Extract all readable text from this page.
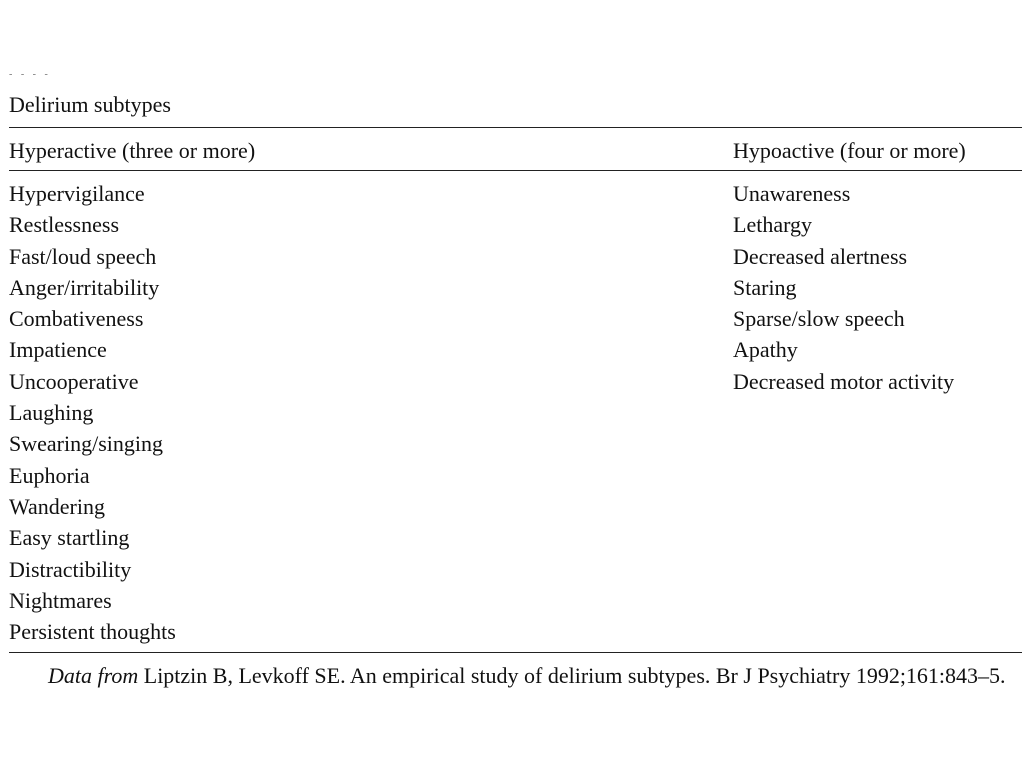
- - - -
Delirium subtypes
Hyperactive (three or more)	Hypoactive (four or more)
Hypervigilance
Restlessness
Fast/loud speech
Anger/irritability
Combativeness
Impatience
Uncooperative
Laughing
Swearing/singing
Euphoria
Wandering
Easy startling
Distractibility
Nightmares
Persistent thoughts
Unawareness
Lethargy
Decreased alertness
Staring
Sparse/slow speech
Apathy
Decreased motor activity
Data from Liptzin B, Levkoff SE. An empirical study of delirium subtypes. Br J Psychiatry 1992;161:843–5.
